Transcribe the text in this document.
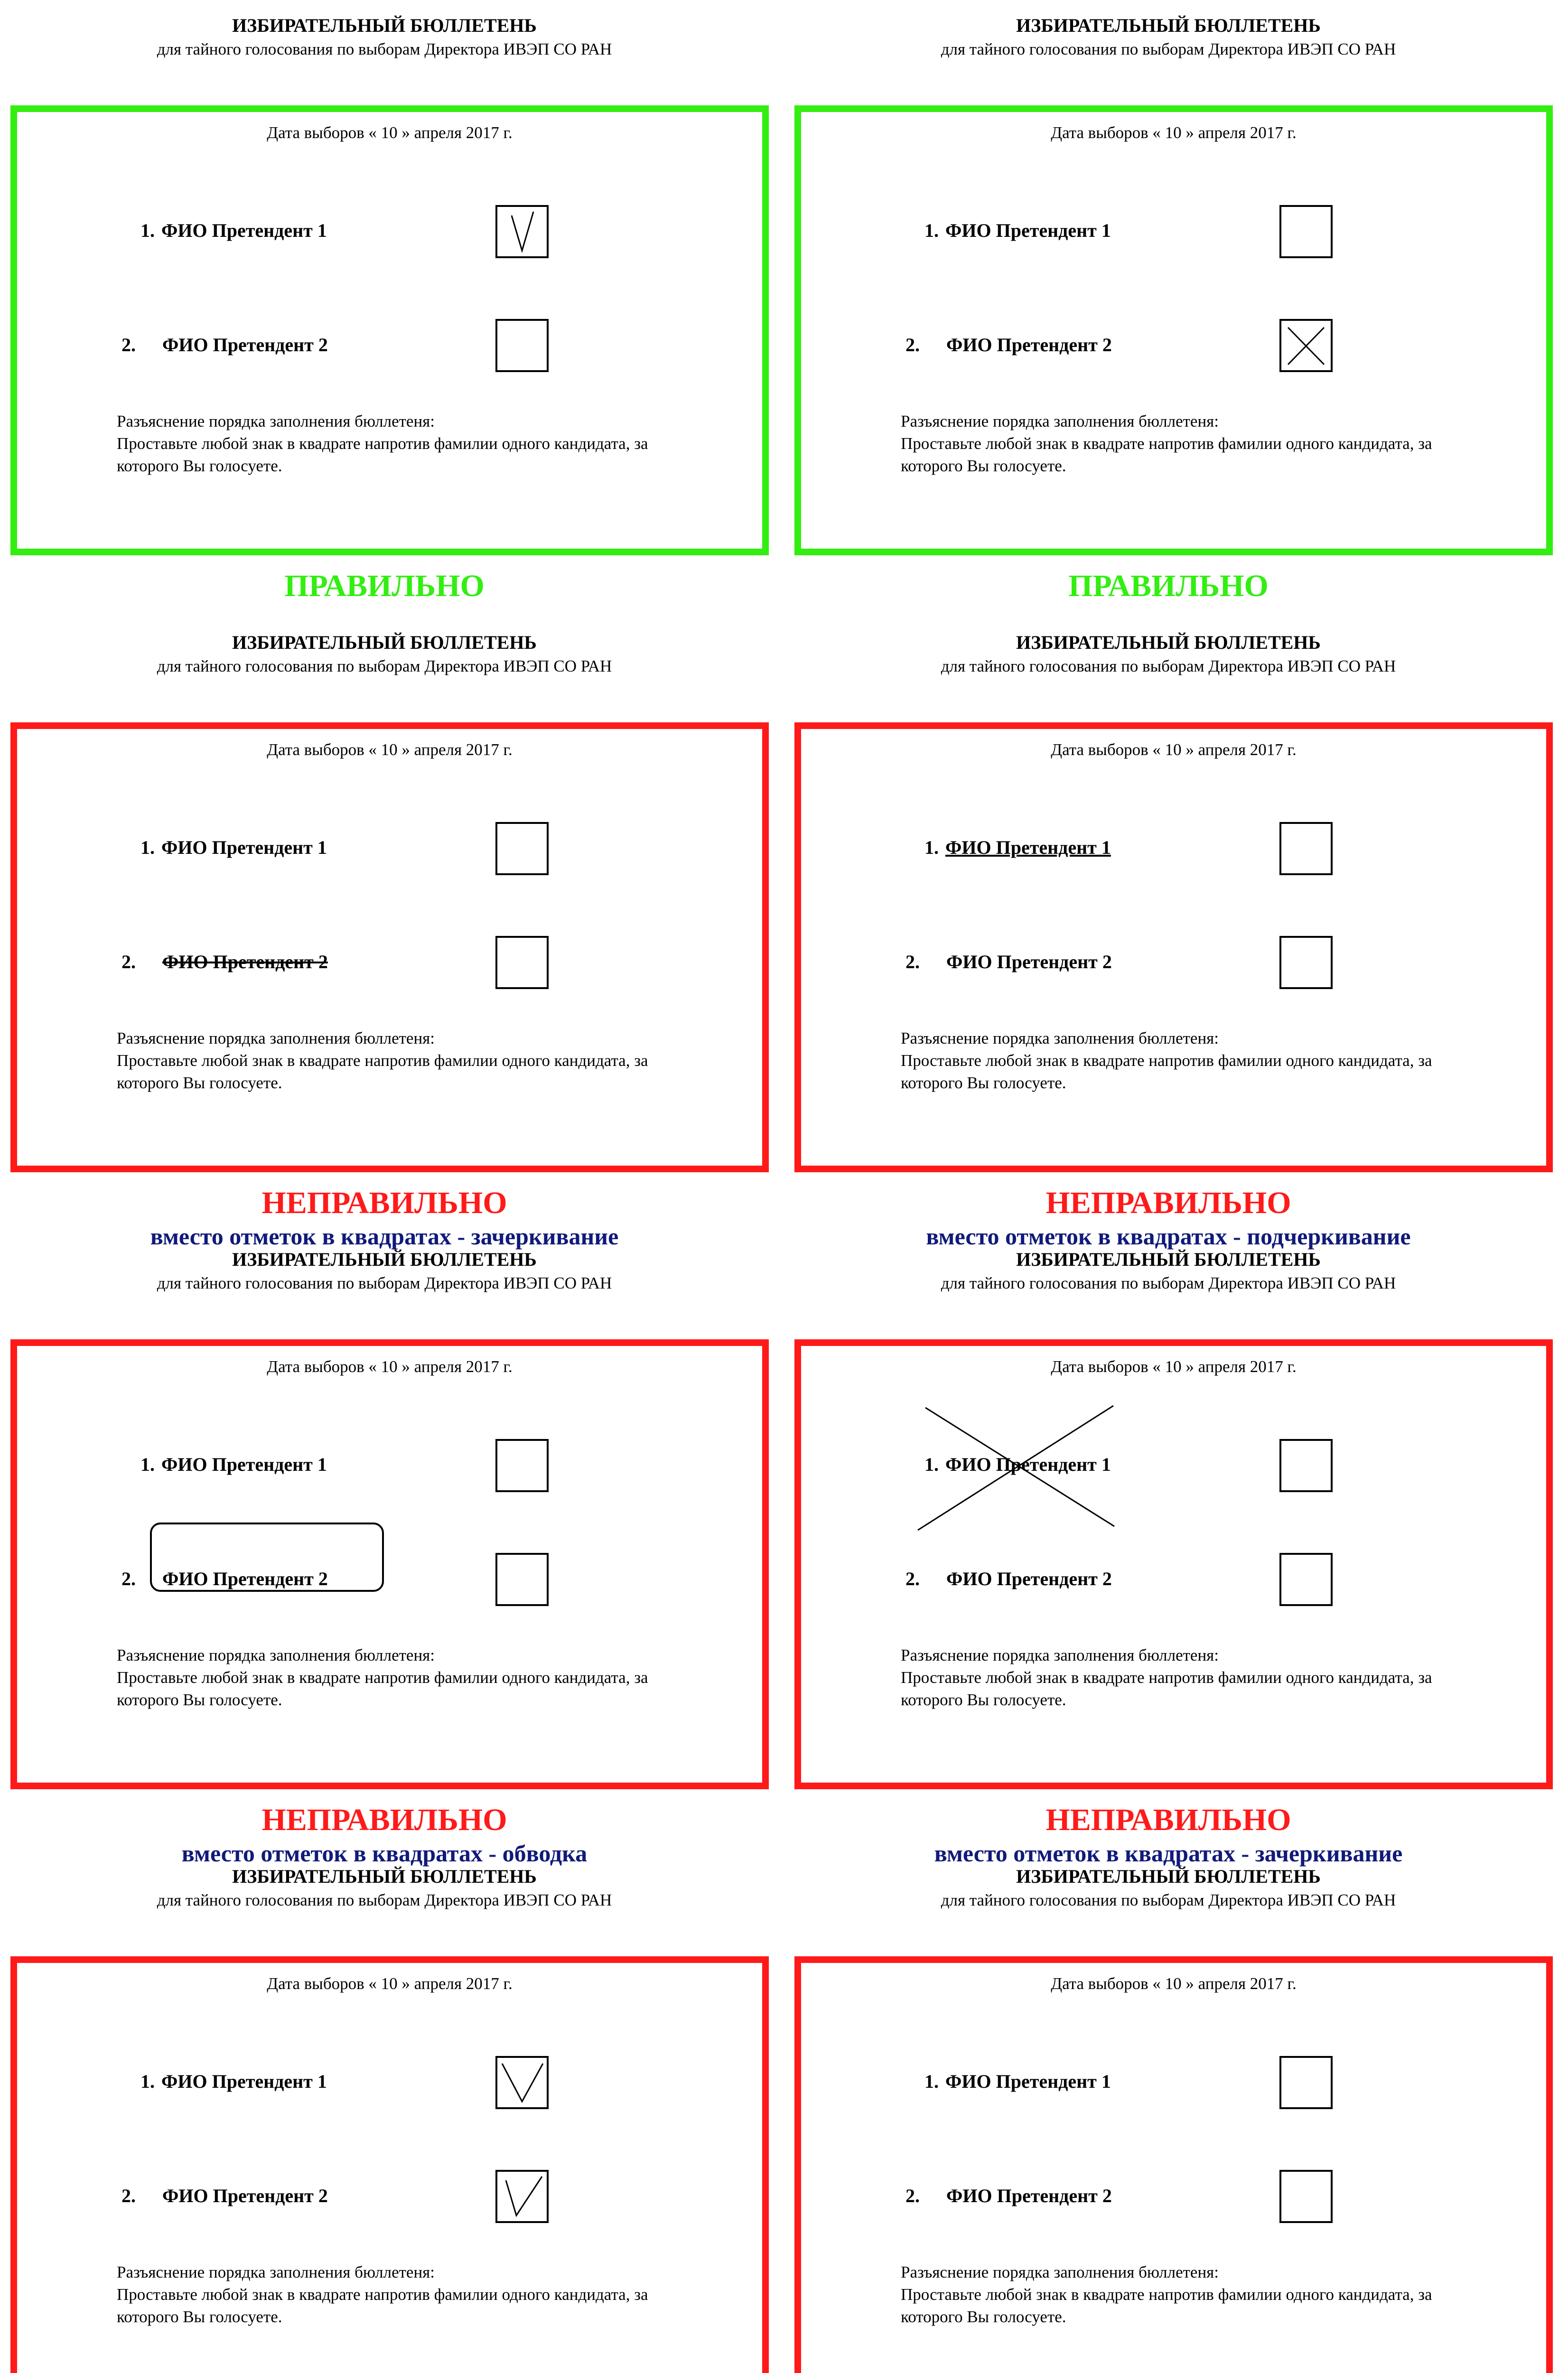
ИЗБИРАТЕЛЬНЫЙ БЮЛЛЕТЕНЬ
для тайного голосования по выборам Директора ИВЭП СО РАН
Дата выборов « 10 » апреля 2017 г.
1. ФИО Претендент 1
2. ФИО Претендент 2
Разъяснение порядка заполнения бюллетеня:
Проставьте любой знак в квадрате напротив фамилии одного кандидата, за
которого Вы голосуете.
ПРАВИЛЬНО
ИЗБИРАТЕЛЬНЫЙ БЮЛЛЕТЕНЬ
для тайного голосования по выборам Директора ИВЭП СО РАН
Дата выборов « 10 » апреля 2017 г.
1. ФИО Претендент 1
2. ФИО Претендент 2
Разъяснение порядка заполнения бюллетеня:
Проставьте любой знак в квадрате напротив фамилии одного кандидата, за
которого Вы голосуете.
ПРАВИЛЬНО
ИЗБИРАТЕЛЬНЫЙ БЮЛЛЕТЕНЬ
для тайного голосования по выборам Директора ИВЭП СО РАН
Дата выборов « 10 » апреля 2017 г.
1. ФИО Претендент 1
2. ФИО Претендент 2
Разъяснение порядка заполнения бюллетеня:
Проставьте любой знак в квадрате напротив фамилии одного кандидата, за
которого Вы голосуете.
НЕПРАВИЛЬНО
вместо отметок в квадратах - зачеркивание
ИЗБИРАТЕЛЬНЫЙ БЮЛЛЕТЕНЬ
для тайного голосования по выборам Директора ИВЭП СО РАН
Дата выборов « 10 » апреля 2017 г.
1. ФИО Претендент 1
2. ФИО Претендент 2
Разъяснение порядка заполнения бюллетеня:
Проставьте любой знак в квадрате напротив фамилии одного кандидата, за
которого Вы голосуете.
НЕПРАВИЛЬНО
вместо отметок в квадратах - подчеркивание
ИЗБИРАТЕЛЬНЫЙ БЮЛЛЕТЕНЬ
для тайного голосования по выборам Директора ИВЭП СО РАН
Дата выборов « 10 » апреля 2017 г.
1. ФИО Претендент 1
2. ФИО Претендент 2
Разъяснение порядка заполнения бюллетеня:
Проставьте любой знак в квадрате напротив фамилии одного кандидата, за
которого Вы голосуете.
НЕПРАВИЛЬНО
вместо отметок в квадратах - обводка
ИЗБИРАТЕЛЬНЫЙ БЮЛЛЕТЕНЬ
для тайного голосования по выборам Директора ИВЭП СО РАН
Дата выборов « 10 » апреля 2017 г.
1. ФИО Претендент 1
2. ФИО Претендент 2
Разъяснение порядка заполнения бюллетеня:
Проставьте любой знак в квадрате напротив фамилии одного кандидата, за
которого Вы голосуете.
НЕПРАВИЛЬНО
вместо отметок в квадратах - зачеркивание
ИЗБИРАТЕЛЬНЫЙ БЮЛЛЕТЕНЬ
для тайного голосования по выборам Директора ИВЭП СО РАН
Дата выборов « 10 » апреля 2017 г.
1. ФИО Претендент 1
2. ФИО Претендент 2
Разъяснение порядка заполнения бюллетеня:
Проставьте любой знак в квадрате напротив фамилии одного кандидата, за
которого Вы голосуете.
ИЗБИРАТЕЛЬНЫЙ БЮЛЛЕТЕНЬ
для тайного голосования по выборам Директора ИВЭП СО РАН
Дата выборов « 10 » апреля 2017 г.
1. ФИО Претендент 1
2. ФИО Претендент 2
Разъяснение порядка заполнения бюллетеня:
Проставьте любой знак в квадрате напротив фамилии одного кандидата, за
которого Вы голосуете.
